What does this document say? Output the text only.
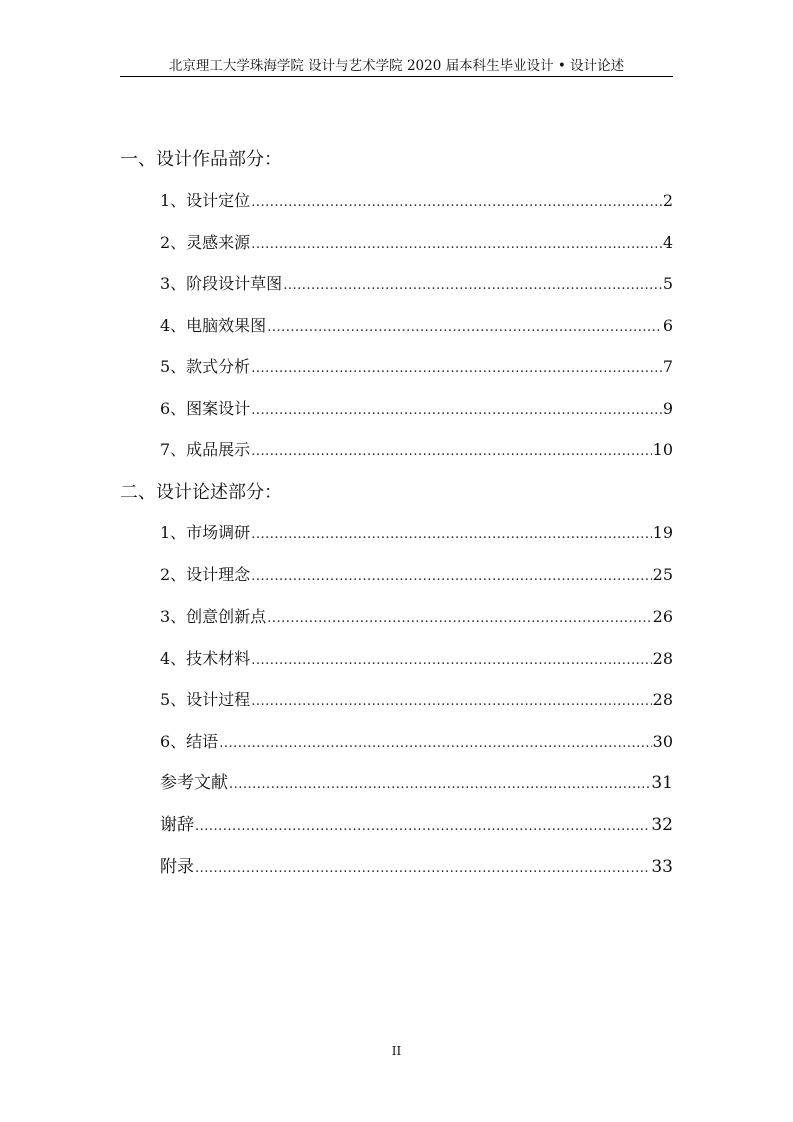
北京理工大学珠海学院 设计与艺术学院 2020 届本科生毕业设计 • 设计论述
一、设计作品部分：
1、设计定位 .....	2
2、灵感来源 .....	4
3、阶段设计草图 .....	5
4、电脑效果图 .....	6
5、款式分析 .....	7
6、图案设计 .....	9
7、成品展示 .....	10
二、设计论述部分：
1、市场调研 .....	19
2、设计理念 .....	25
3、创意创新点 .....	26
4、技术材料 .....	28
5、设计过程 .....	28
6、结语 .....	30
参考文献 .....	31
谢辞 .....	32
附录 .....	33
II
